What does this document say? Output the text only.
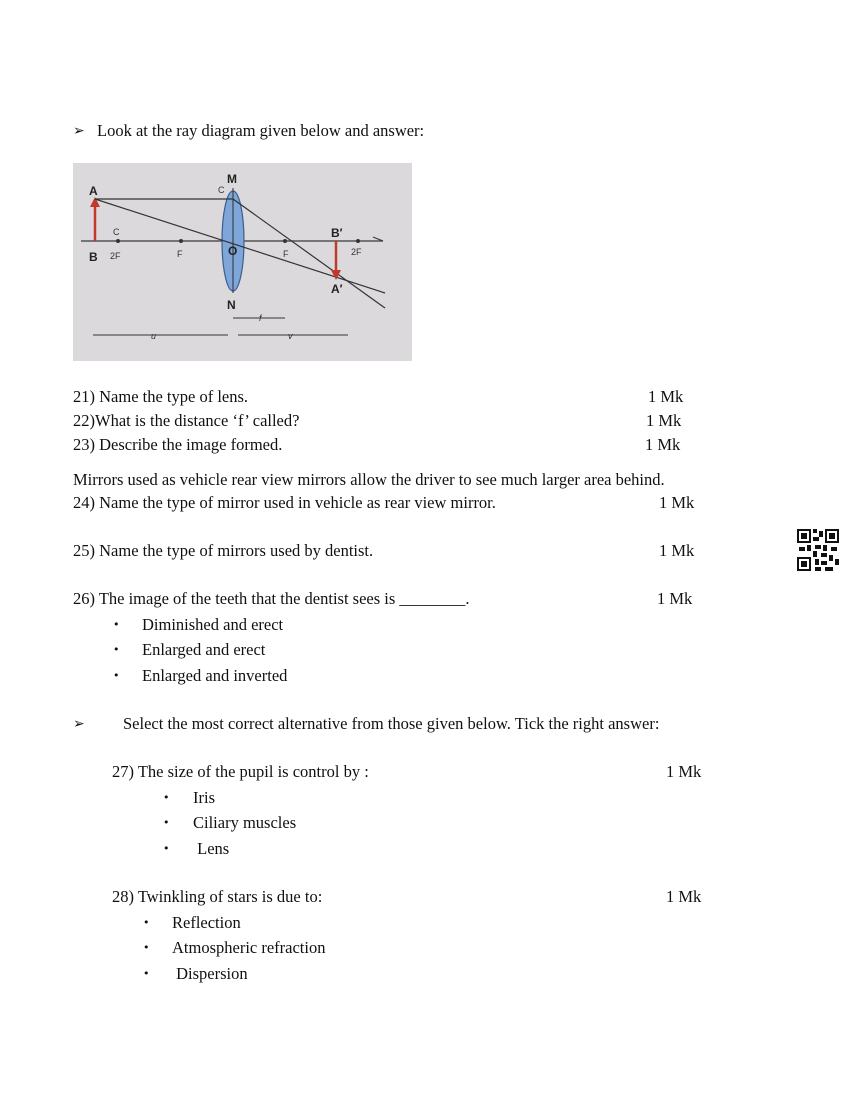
➢ Look at the ray diagram given below and answer:
A
B
M
N
O
B′
A′
C
C
2F	F	F	2F
u
f
v
21) Name the type of lens.	1 Mk
22)What is the distance ‘f’ called?	1 Mk
23) Describe the image formed.	1 Mk
Mirrors used as vehicle rear view mirrors allow the driver to see much larger area behind.
24) Name the type of mirror used in vehicle as rear view mirror.	1 Mk
25) Name the type of mirrors used by dentist.	1 Mk
26) The image of the teeth that the dentist sees is ________.	1 Mk
• Diminished and erect
• Enlarged and erect
• Enlarged and inverted
➢ Select the most correct alternative from those given below. Tick the right answer:
27) The size of the pupil is control by :	1 Mk
• Iris
• Ciliary muscles
• Lens
28) Twinkling of stars is due to:	1 Mk
• Reflection
• Atmospheric refraction
• Dispersion
